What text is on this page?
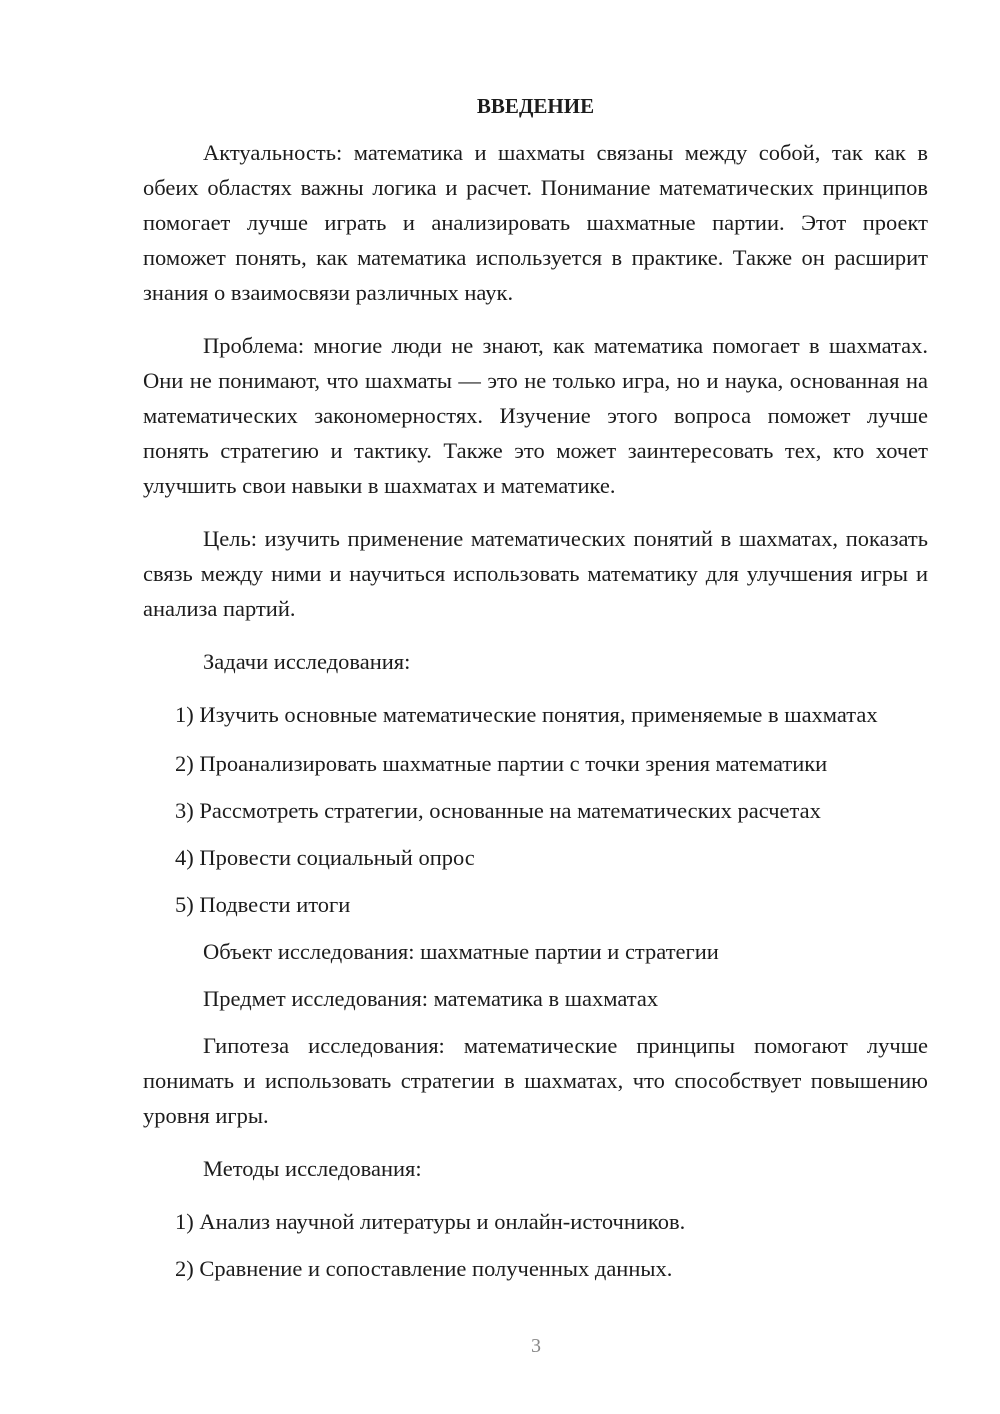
ВВЕДЕНИЕ

Актуальность: математика и шахматы связаны между собой, так как в обеих областях важны логика и расчет. Понимание математических принципов помогает лучше играть и анализировать шахматные партии. Этот проект поможет понять, как математика используется в практике. Также он расширит знания о взаимосвязи различных наук.

Проблема: многие люди не знают, как математика помогает в шахматах. Они не понимают, что шахматы — это не только игра, но и наука, основанная на математических закономерностях. Изучение этого вопроса поможет лучше понять стратегию и тактику. Также это может заинтересовать тех, кто хочет улучшить свои навыки в шахматах и математике.

Цель: изучить применение математических понятий в шахматах, показать связь между ними и научиться использовать математику для улучшения игры и анализа партий.

Задачи исследования:

1) Изучить основные математические понятия, применяемые в шахматах

2) Проанализировать шахматные партии с точки зрения математики

3) Рассмотреть стратегии, основанные на математических расчетах

4) Провести социальный опрос

5) Подвести итоги

Объект исследования: шахматные партии и стратегии

Предмет исследования: математика в шахматах

Гипотеза исследования: математические принципы помогают лучше понимать и использовать стратегии в шахматах, что способствует повышению уровня игры.

Методы исследования:

1) Анализ научной литературы и онлайн-источников.

2) Сравнение и сопоставление полученных данных.

3
